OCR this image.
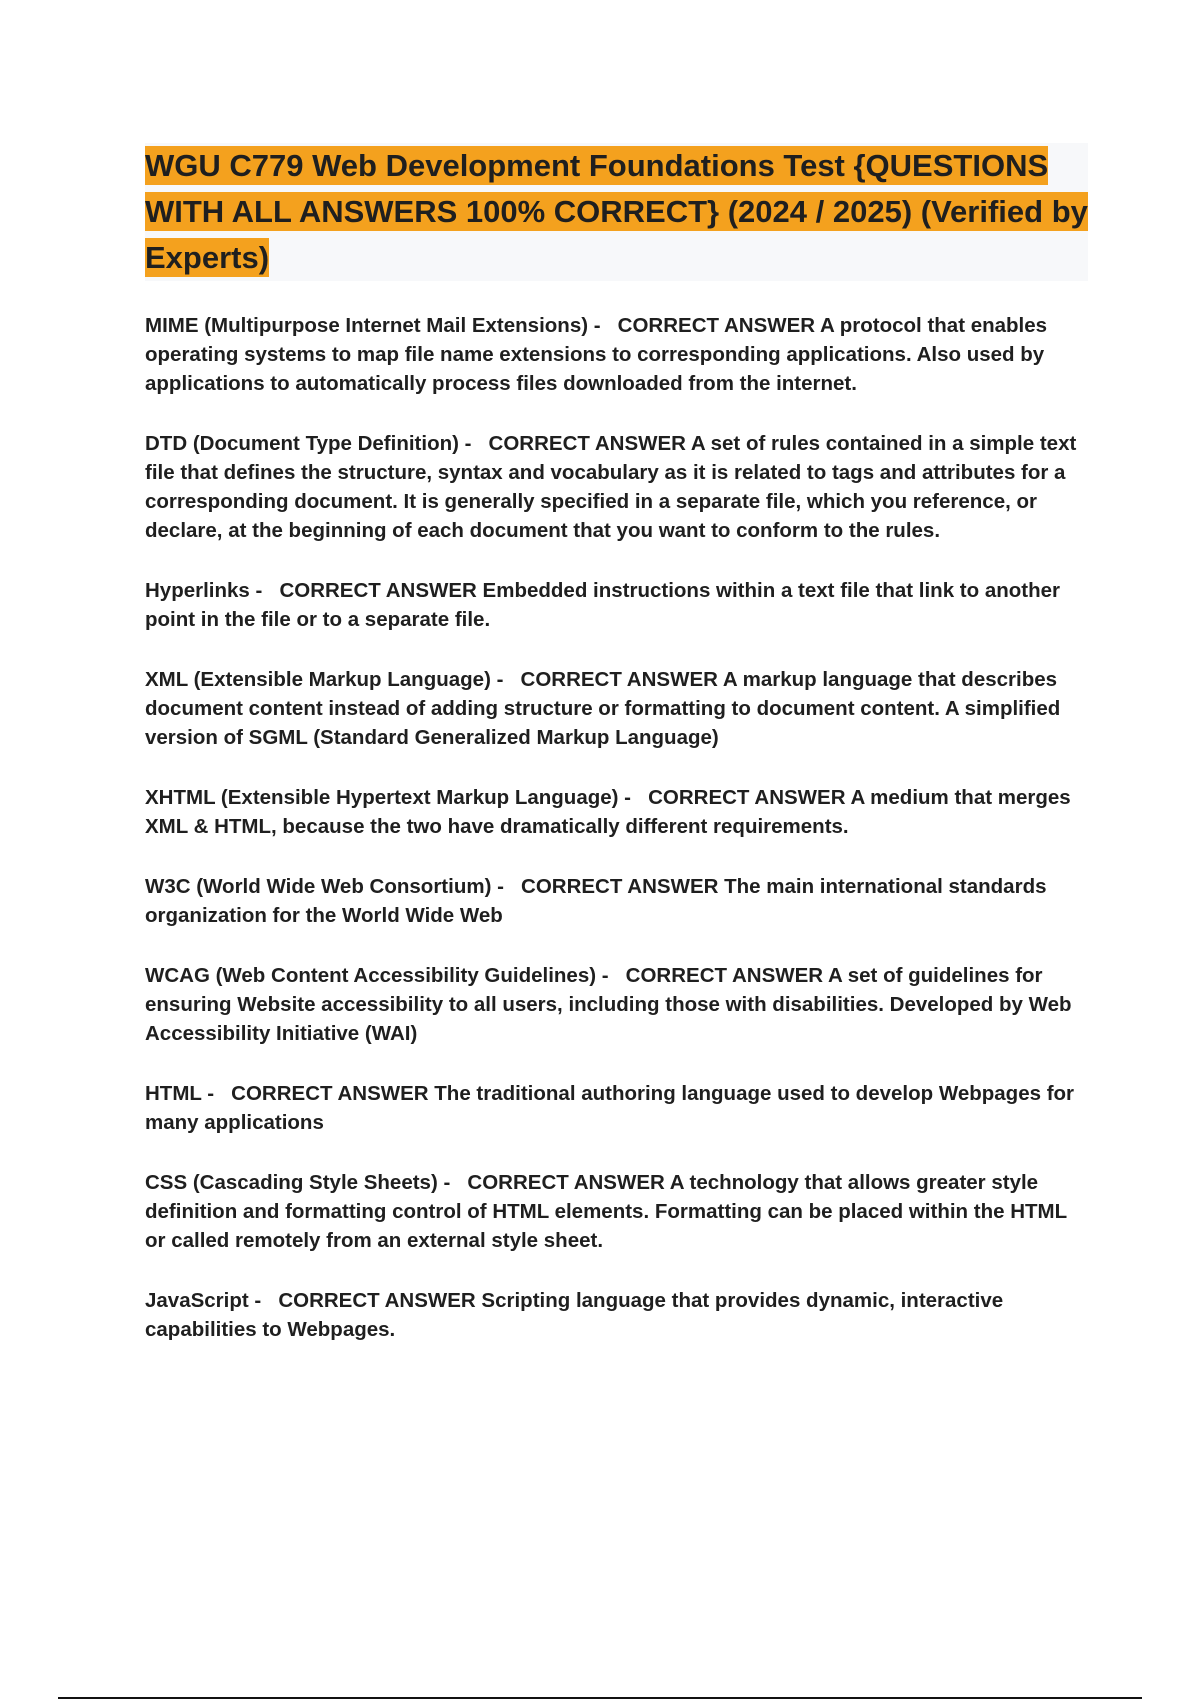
WGU C779 Web Development Foundations Test {QUESTIONS WITH ALL ANSWERS 100% CORRECT} (2024 / 2025) (Verified by Experts)

MIME (Multipurpose Internet Mail Extensions) -   CORRECT ANSWER A protocol that enables operating systems to map file name extensions to corresponding applications. Also used by applications to automatically process files downloaded from the internet.

DTD (Document Type Definition) -   CORRECT ANSWER A set of rules contained in a simple text file that defines the structure, syntax and vocabulary as it is related to tags and attributes for a corresponding document. It is generally specified in a separate file, which you reference, or declare, at the beginning of each document that you want to conform to the rules.

Hyperlinks -   CORRECT ANSWER Embedded instructions within a text file that link to another point in the file or to a separate file.

XML (Extensible Markup Language) -   CORRECT ANSWER A markup language that describes document content instead of adding structure or formatting to document content. A simplified version of SGML (Standard Generalized Markup Language)

XHTML (Extensible Hypertext Markup Language) -   CORRECT ANSWER A medium that merges XML & HTML, because the two have dramatically different requirements.

W3C (World Wide Web Consortium) -   CORRECT ANSWER The main international standards organization for the World Wide Web

WCAG (Web Content Accessibility Guidelines) -   CORRECT ANSWER A set of guidelines for ensuring Website accessibility to all users, including those with disabilities. Developed by Web Accessibility Initiative (WAI)

HTML -   CORRECT ANSWER The traditional authoring language used to develop Webpages for many applications

CSS (Cascading Style Sheets) -   CORRECT ANSWER A technology that allows greater style definition and formatting control of HTML elements. Formatting can be placed within the HTML or called remotely from an external style sheet.

JavaScript -   CORRECT ANSWER Scripting language that provides dynamic, interactive capabilities to Webpages.
